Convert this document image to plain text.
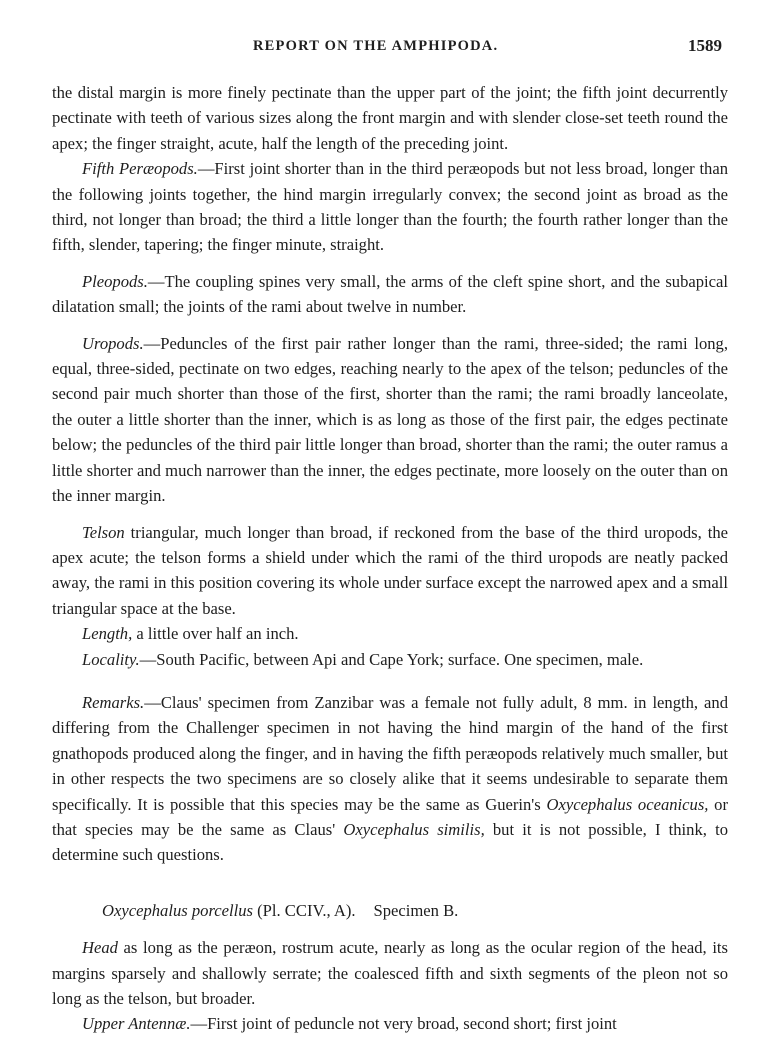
REPORT ON THE AMPHIPODA.	1589

the distal margin is more finely pectinate than the upper part of the joint; the fifth joint decurrently pectinate with teeth of various sizes along the front margin and with slender close-set teeth round the apex; the finger straight, acute, half the length of the preceding joint.

Fifth Peræopods.—First joint shorter than in the third peræopods but not less broad, longer than the following joints together, the hind margin irregularly convex; the second joint as broad as the third, not longer than broad; the third a little longer than the fourth; the fourth rather longer than the fifth, slender, tapering; the finger minute, straight.

Pleopods.—The coupling spines very small, the arms of the cleft spine short, and the subapical dilatation small; the joints of the rami about twelve in number.

Uropods.—Peduncles of the first pair rather longer than the rami, three-sided; the rami long, equal, three-sided, pectinate on two edges, reaching nearly to the apex of the telson; peduncles of the second pair much shorter than those of the first, shorter than the rami; the rami broadly lanceolate, the outer a little shorter than the inner, which is as long as those of the first pair, the edges pectinate below; the peduncles of the third pair little longer than broad, shorter than the rami; the outer ramus a little shorter and much narrower than the inner, the edges pectinate, more loosely on the outer than on the inner margin.

Telson triangular, much longer than broad, if reckoned from the base of the third uropods, the apex acute; the telson forms a shield under which the rami of the third uropods are neatly packed away, the rami in this position covering its whole under surface except the narrowed apex and a small triangular space at the base.

Length, a little over half an inch.

Locality.—South Pacific, between Api and Cape York; surface. One specimen, male.

Remarks.—Claus' specimen from Zanzibar was a female not fully adult, 8 mm. in length, and differing from the Challenger specimen in not having the hind margin of the hand of the first gnathopods produced along the finger, and in having the fifth peræopods relatively much smaller, but in other respects the two specimens are so closely alike that it seems undesirable to separate them specifically. It is possible that this species may be the same as Guerin's Oxycephalus oceanicus, or that species may be the same as Claus' Oxycephalus similis, but it is not possible, I think, to determine such questions.

Oxycephalus porcellus (Pl. CCIV., A). Specimen B.

Head as long as the peræon, rostrum acute, nearly as long as the ocular region of the head, its margins sparsely and shallowly serrate; the coalesced fifth and sixth segments of the pleon not so long as the telson, but broader.

Upper Antennæ.—First joint of peduncle not very broad, second short; first joint
